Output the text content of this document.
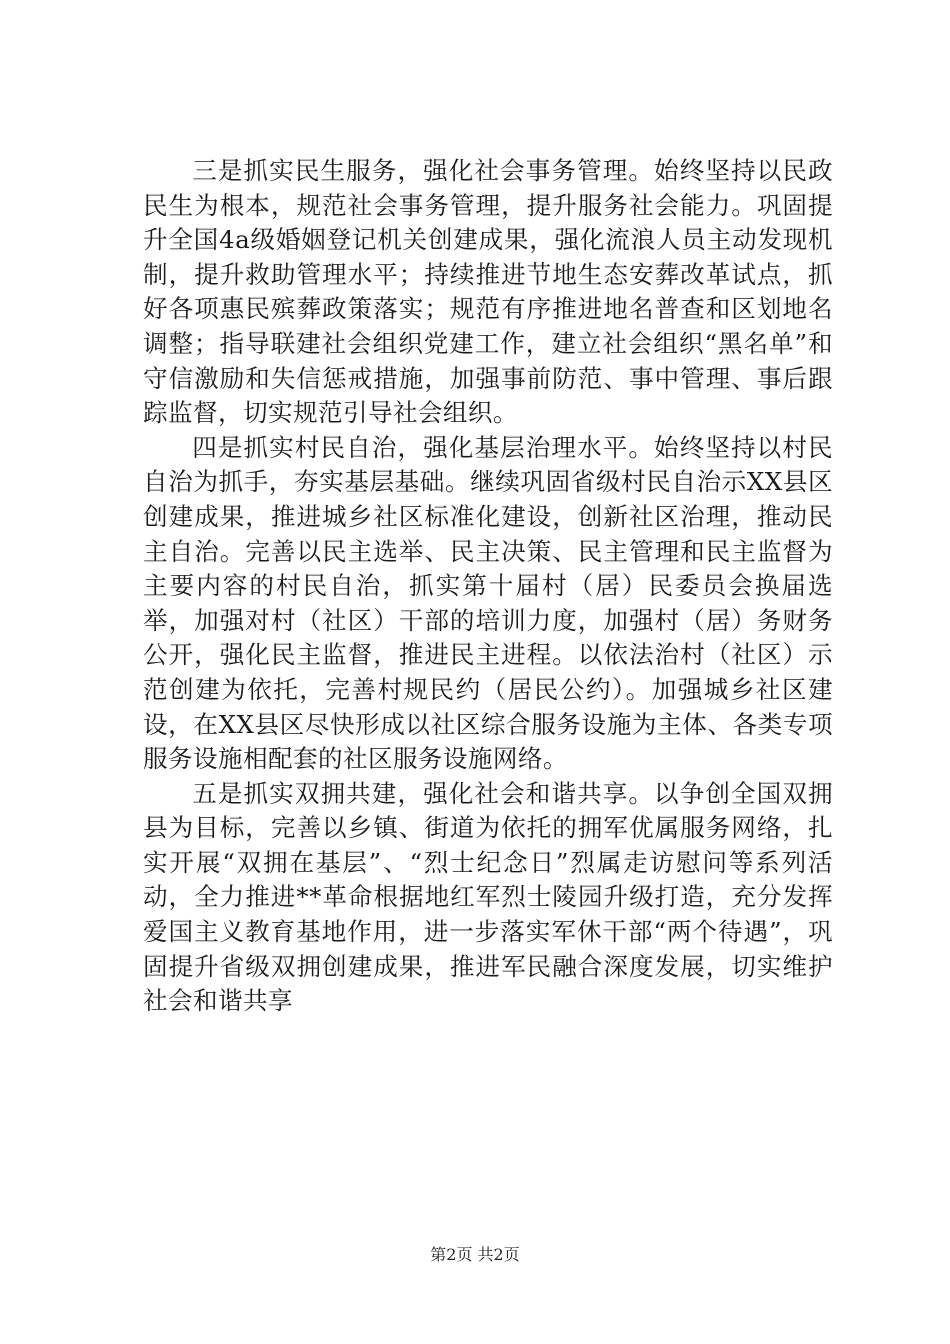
三是抓实民生服务，强化社会事务管理。始终坚持以民政民生为根本，规范社会事务管理，提升服务社会能力。巩固提升全国4a级婚姻登记机关创建成果，强化流浪人员主动发现机制，提升救助管理水平；持续推进节地生态安葬改革试点，抓好各项惠民殡葬政策落实；规范有序推进地名普查和区划地名调整；指导联建社会组织党建工作，建立社会组织“黑名单”和守信激励和失信惩戒措施，加强事前防范、事中管理、事后跟踪监督，切实规范引导社会组织。

四是抓实村民自治，强化基层治理水平。始终坚持以村民自治为抓手，夯实基层基础。继续巩固省级村民自治示XX县区创建成果，推进城乡社区标准化建设，创新社区治理，推动民主自治。完善以民主选举、民主决策、民主管理和民主监督为主要内容的村民自治，抓实第十届村（居）民委员会换届选举，加强对村（社区）干部的培训力度，加强村（居）务财务公开，强化民主监督，推进民主进程。以依法治村（社区）示范创建为依托，完善村规民约（居民公约）。加强城乡社区建设，在XX县区尽快形成以社区综合服务设施为主体、各类专项服务设施相配套的社区服务设施网络。

五是抓实双拥共建，强化社会和谐共享。以争创全国双拥县为目标，完善以乡镇、街道为依托的拥军优属服务网络，扎实开展“双拥在基层”、“烈士纪念日”烈属走访慰问等系列活动，全力推进**革命根据地红军烈士陵园升级打造，充分发挥爱国主义教育基地作用，进一步落实军休干部“两个待遇”，巩固提升省级双拥创建成果，推进军民融合深度发展，切实维护社会和谐共享

第2页 共2页
